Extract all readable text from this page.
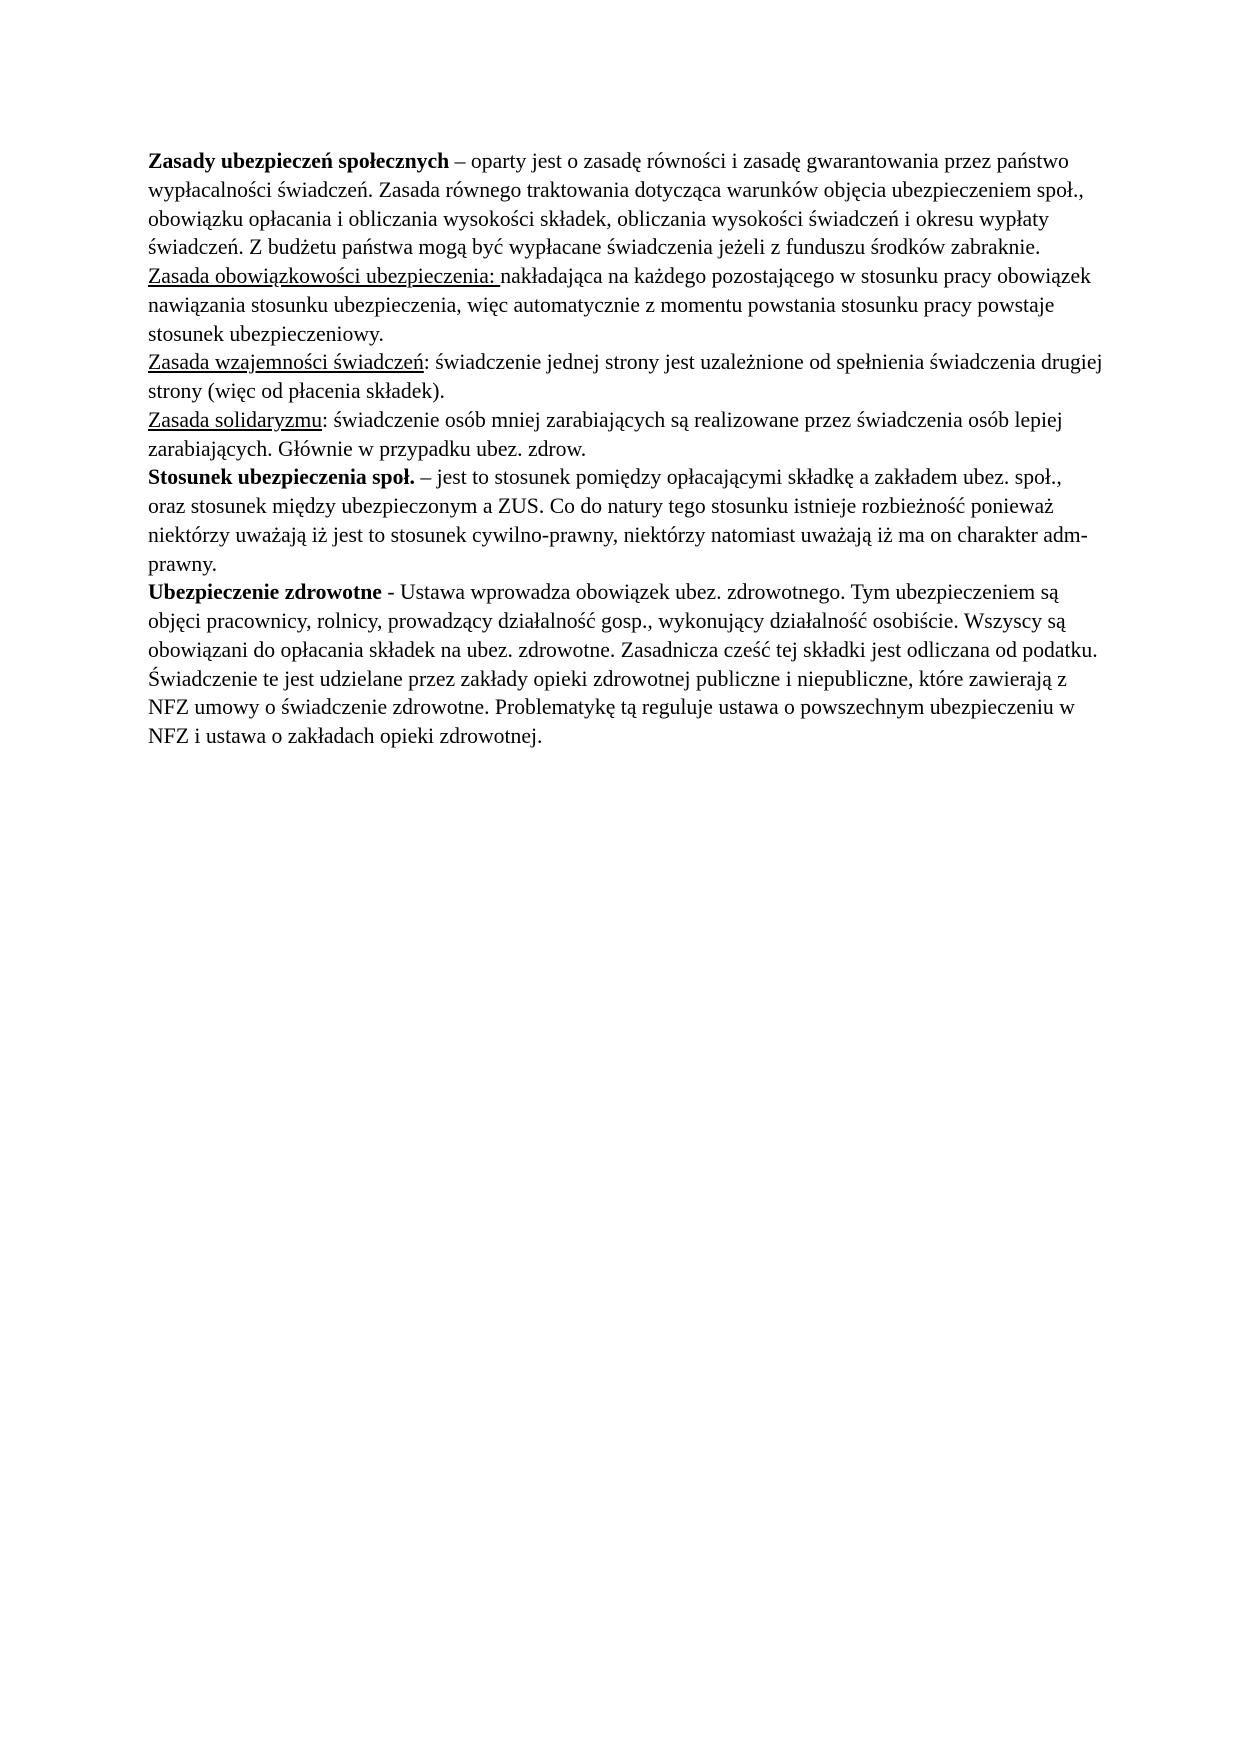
Zasady ubezpieczeń społecznych – oparty jest o zasadę równości i zasadę gwarantowania przez państwo wypłacalności świadczeń. Zasada równego traktowania dotycząca warunków objęcia ubezpieczeniem społ., obowiązku opłacania i obliczania wysokości składek, obliczania wysokości świadczeń i okresu wypłaty świadczeń. Z budżetu państwa mogą być wypłacane świadczenia jeżeli z funduszu środków zabraknie.

Zasada obowiązkowości ubezpieczenia: nakładająca na każdego pozostającego w stosunku pracy obowiązek nawiązania stosunku ubezpieczenia, więc automatycznie z momentu powstania stosunku pracy powstaje stosunek ubezpieczeniowy.

Zasada wzajemności świadczeń: świadczenie jednej strony jest uzależnione od spełnienia świadczenia drugiej strony (więc od płacenia składek).

Zasada solidaryzmu: świadczenie osób mniej zarabiających są realizowane przez świadczenia osób lepiej zarabiających. Głównie w przypadku ubez. zdrow.

Stosunek ubezpieczenia społ. – jest to stosunek pomiędzy opłacającymi składkę a zakładem ubez. społ., oraz stosunek między ubezpieczonym a ZUS. Co do natury tego stosunku istnieje rozbieżność ponieważ niektórzy uważają iż jest to stosunek cywilno-prawny, niektórzy natomiast uważają iż ma on charakter adm-prawny.

Ubezpieczenie zdrowotne - Ustawa wprowadza obowiązek ubez. zdrowotnego. Tym ubezpieczeniem są objęci pracownicy, rolnicy, prowadzący działalność gosp., wykonujący działalność osobiście. Wszyscy są obowiązani do opłacania składek na ubez. zdrowotne. Zasadnicza cześć tej składki jest odliczana od podatku. Świadczenie te jest udzielane przez zakłady opieki zdrowotnej publiczne i niepubliczne, które zawierają z NFZ umowy o świadczenie zdrowotne. Problematykę tą reguluje ustawa o powszechnym ubezpieczeniu w NFZ i ustawa o zakładach opieki zdrowotnej.
